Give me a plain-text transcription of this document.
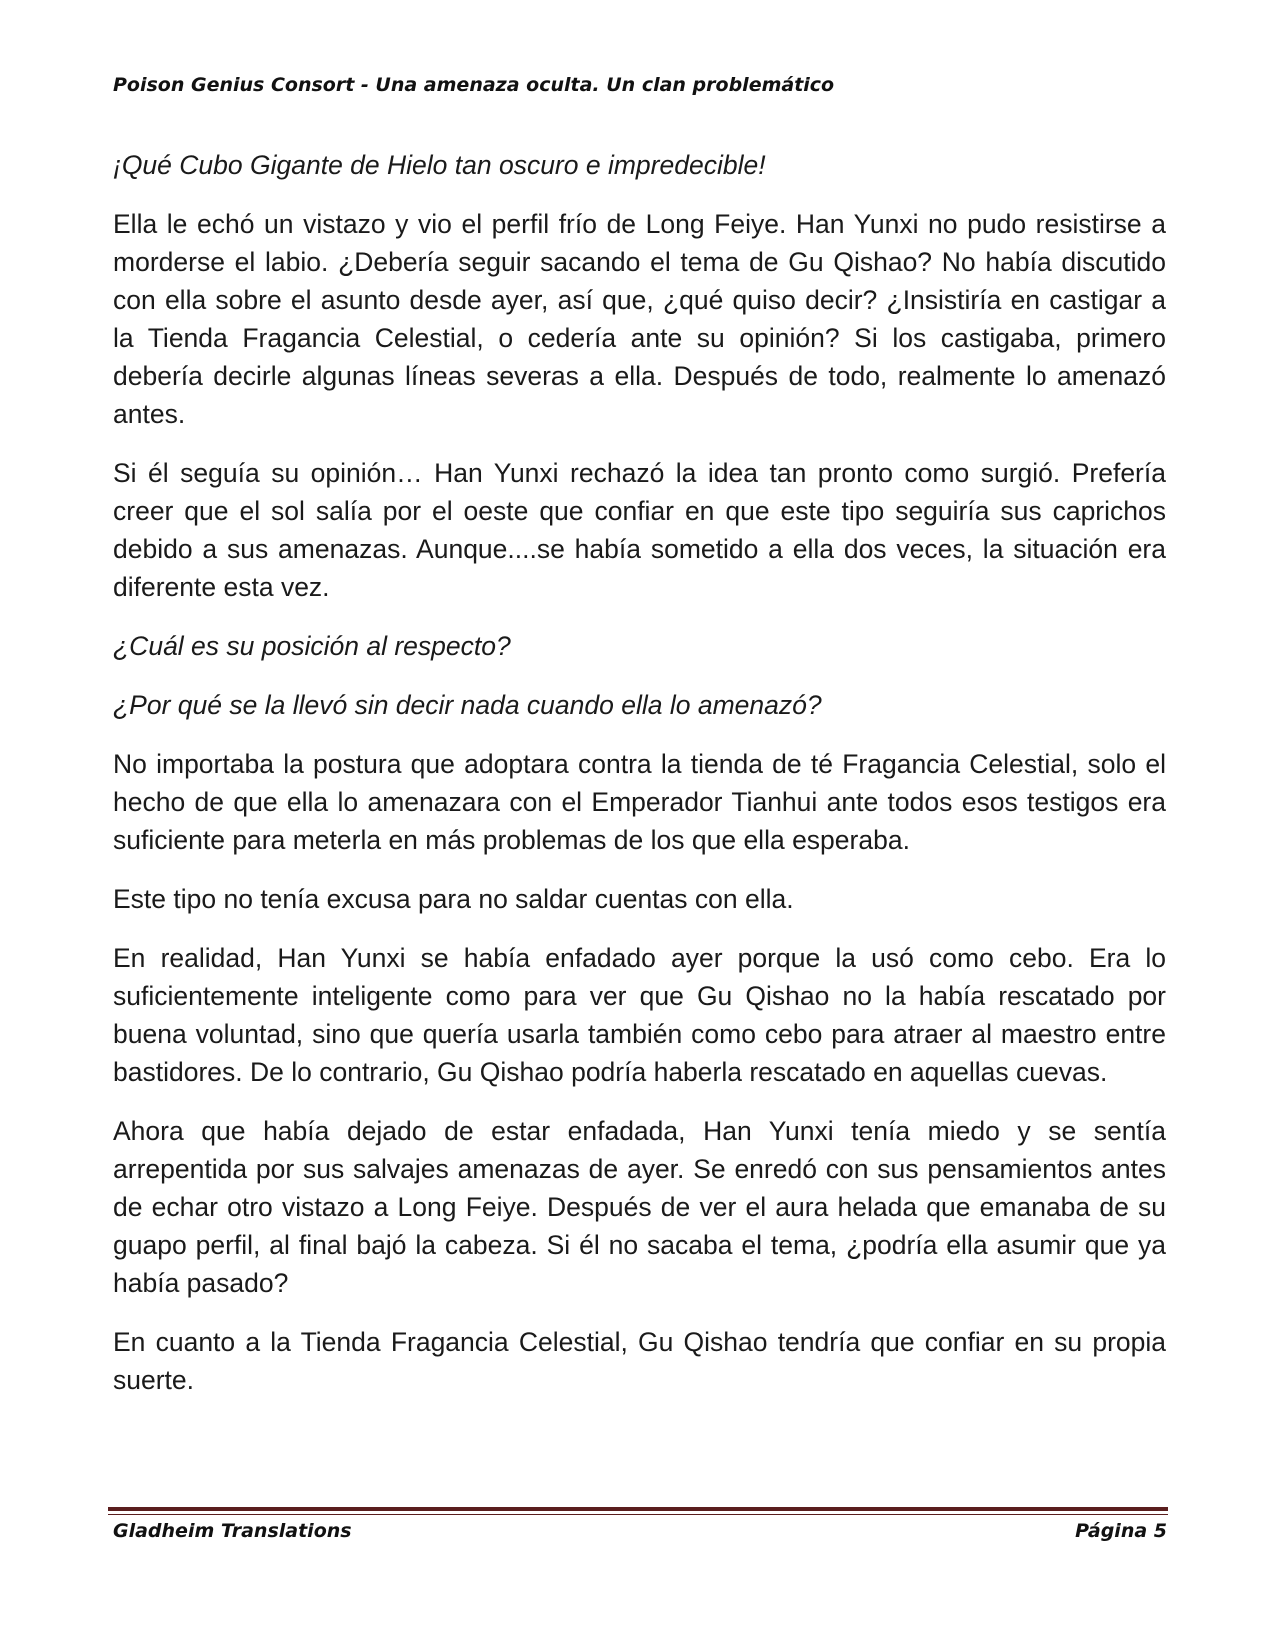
Poison Genius Consort - Una amenaza oculta. Un clan problemático

¡Qué Cubo Gigante de Hielo tan oscuro e impredecible!

Ella le echó un vistazo y vio el perfil frío de Long Feiye. Han Yunxi no pudo resistirse a morderse el labio. ¿Debería seguir sacando el tema de Gu Qishao? No había discutido con ella sobre el asunto desde ayer, así que, ¿qué quiso decir? ¿Insistiría en castigar a la Tienda Fragancia Celestial, o cedería ante su opinión? Si los castigaba, primero debería decirle algunas líneas severas a ella. Después de todo, realmente lo amenazó antes.

Si él seguía su opinión… Han Yunxi rechazó la idea tan pronto como surgió. Prefería creer que el sol salía por el oeste que confiar en que este tipo seguiría sus caprichos debido a sus amenazas. Aunque....se había sometido a ella dos veces, la situación era diferente esta vez.

¿Cuál es su posición al respecto?

¿Por qué se la llevó sin decir nada cuando ella lo amenazó?

No importaba la postura que adoptara contra la tienda de té Fragancia Celestial, solo el hecho de que ella lo amenazara con el Emperador Tianhui ante todos esos testigos era suficiente para meterla en más problemas de los que ella esperaba.

Este tipo no tenía excusa para no saldar cuentas con ella.

En realidad, Han Yunxi se había enfadado ayer porque la usó como cebo. Era lo suficientemente inteligente como para ver que Gu Qishao no la había rescatado por buena voluntad, sino que quería usarla también como cebo para atraer al maestro entre bastidores. De lo contrario, Gu Qishao podría haberla rescatado en aquellas cuevas.

Ahora que había dejado de estar enfadada, Han Yunxi tenía miedo y se sentía arrepentida por sus salvajes amenazas de ayer. Se enredó con sus pensamientos antes de echar otro vistazo a Long Feiye. Después de ver el aura helada que emanaba de su guapo perfil, al final bajó la cabeza. Si él no sacaba el tema, ¿podría ella asumir que ya había pasado?

En cuanto a la Tienda Fragancia Celestial, Gu Qishao tendría que confiar en su propia suerte.

Gladheim Translations	Página 5
